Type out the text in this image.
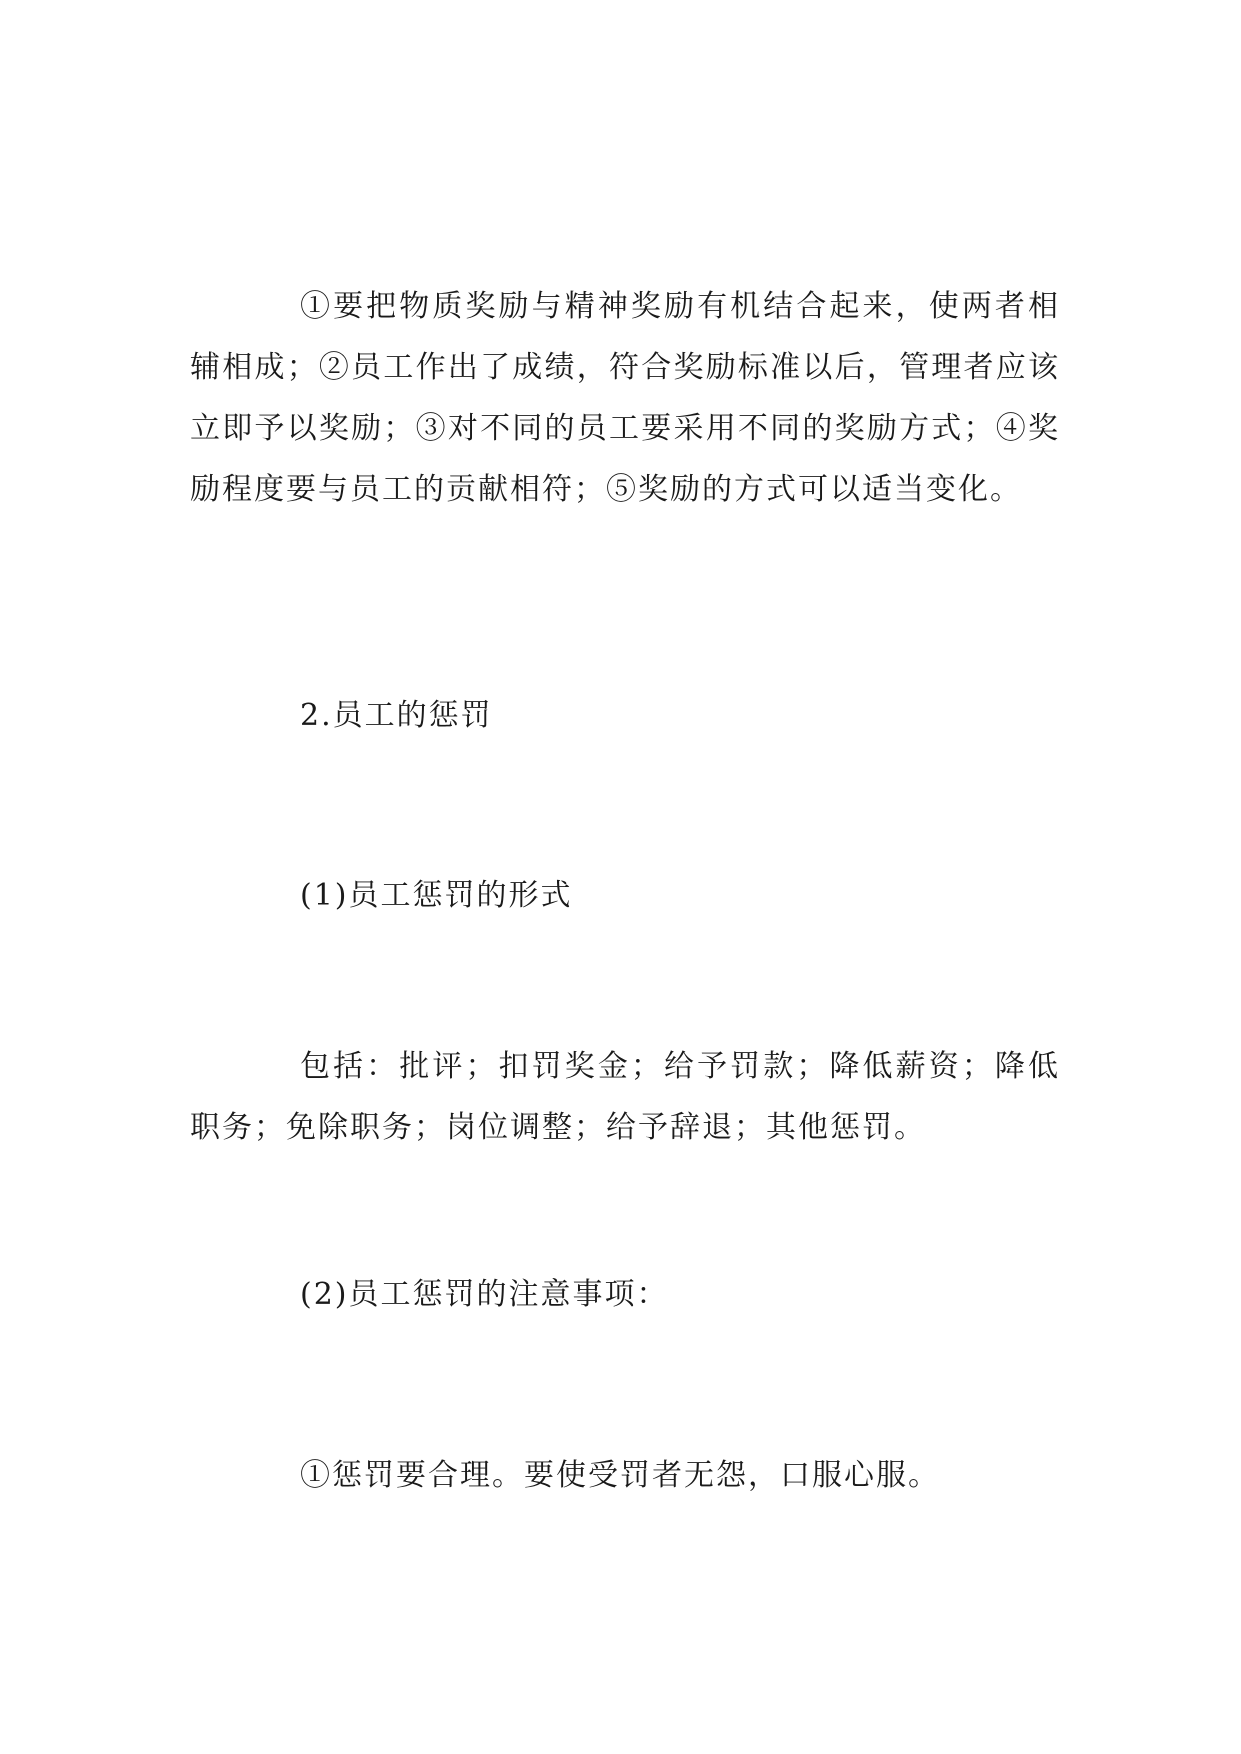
①要把物质奖励与精神奖励有机结合起来，使两者相辅相成；②员工作出了成绩，符合奖励标准以后，管理者应该立即予以奖励；③对不同的员工要采用不同的奖励方式；④奖励程度要与员工的贡献相符；⑤奖励的方式可以适当变化。

2.员工的惩罚

(1)员工惩罚的形式

包括：批评；扣罚奖金；给予罚款；降低薪资；降低职务；免除职务；岗位调整；给予辞退；其他惩罚。

(2)员工惩罚的注意事项：

①惩罚要合理。要使受罚者无怨，口服心服。
